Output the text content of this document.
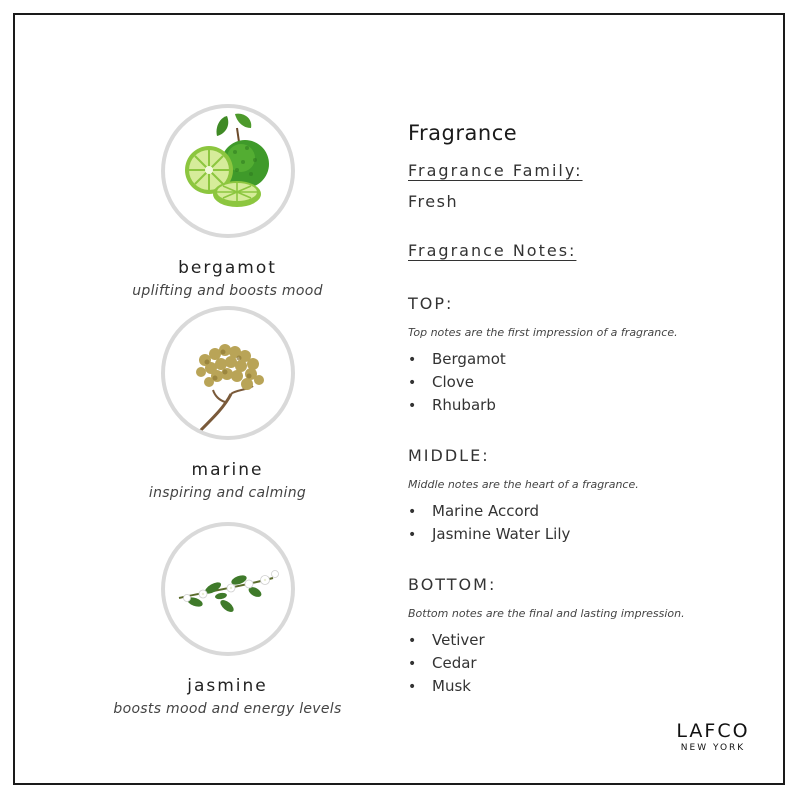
bergamot
uplifting and boosts mood
marine
inspiring and calming
jasmine
boosts mood and energy levels
Fragrance
Fragrance Family:
Fresh
Fragrance Notes:
TOP:
Top notes are the first impression of a fragrance.
• Bergamot
• Clove
• Rhubarb
MIDDLE:
Middle notes are the heart of a fragrance.
• Marine Accord
• Jasmine Water Lily
BOTTOM:
Bottom notes are the final and lasting impression.
• Vetiver
• Cedar
• Musk
LAFCO
NEW YORK
